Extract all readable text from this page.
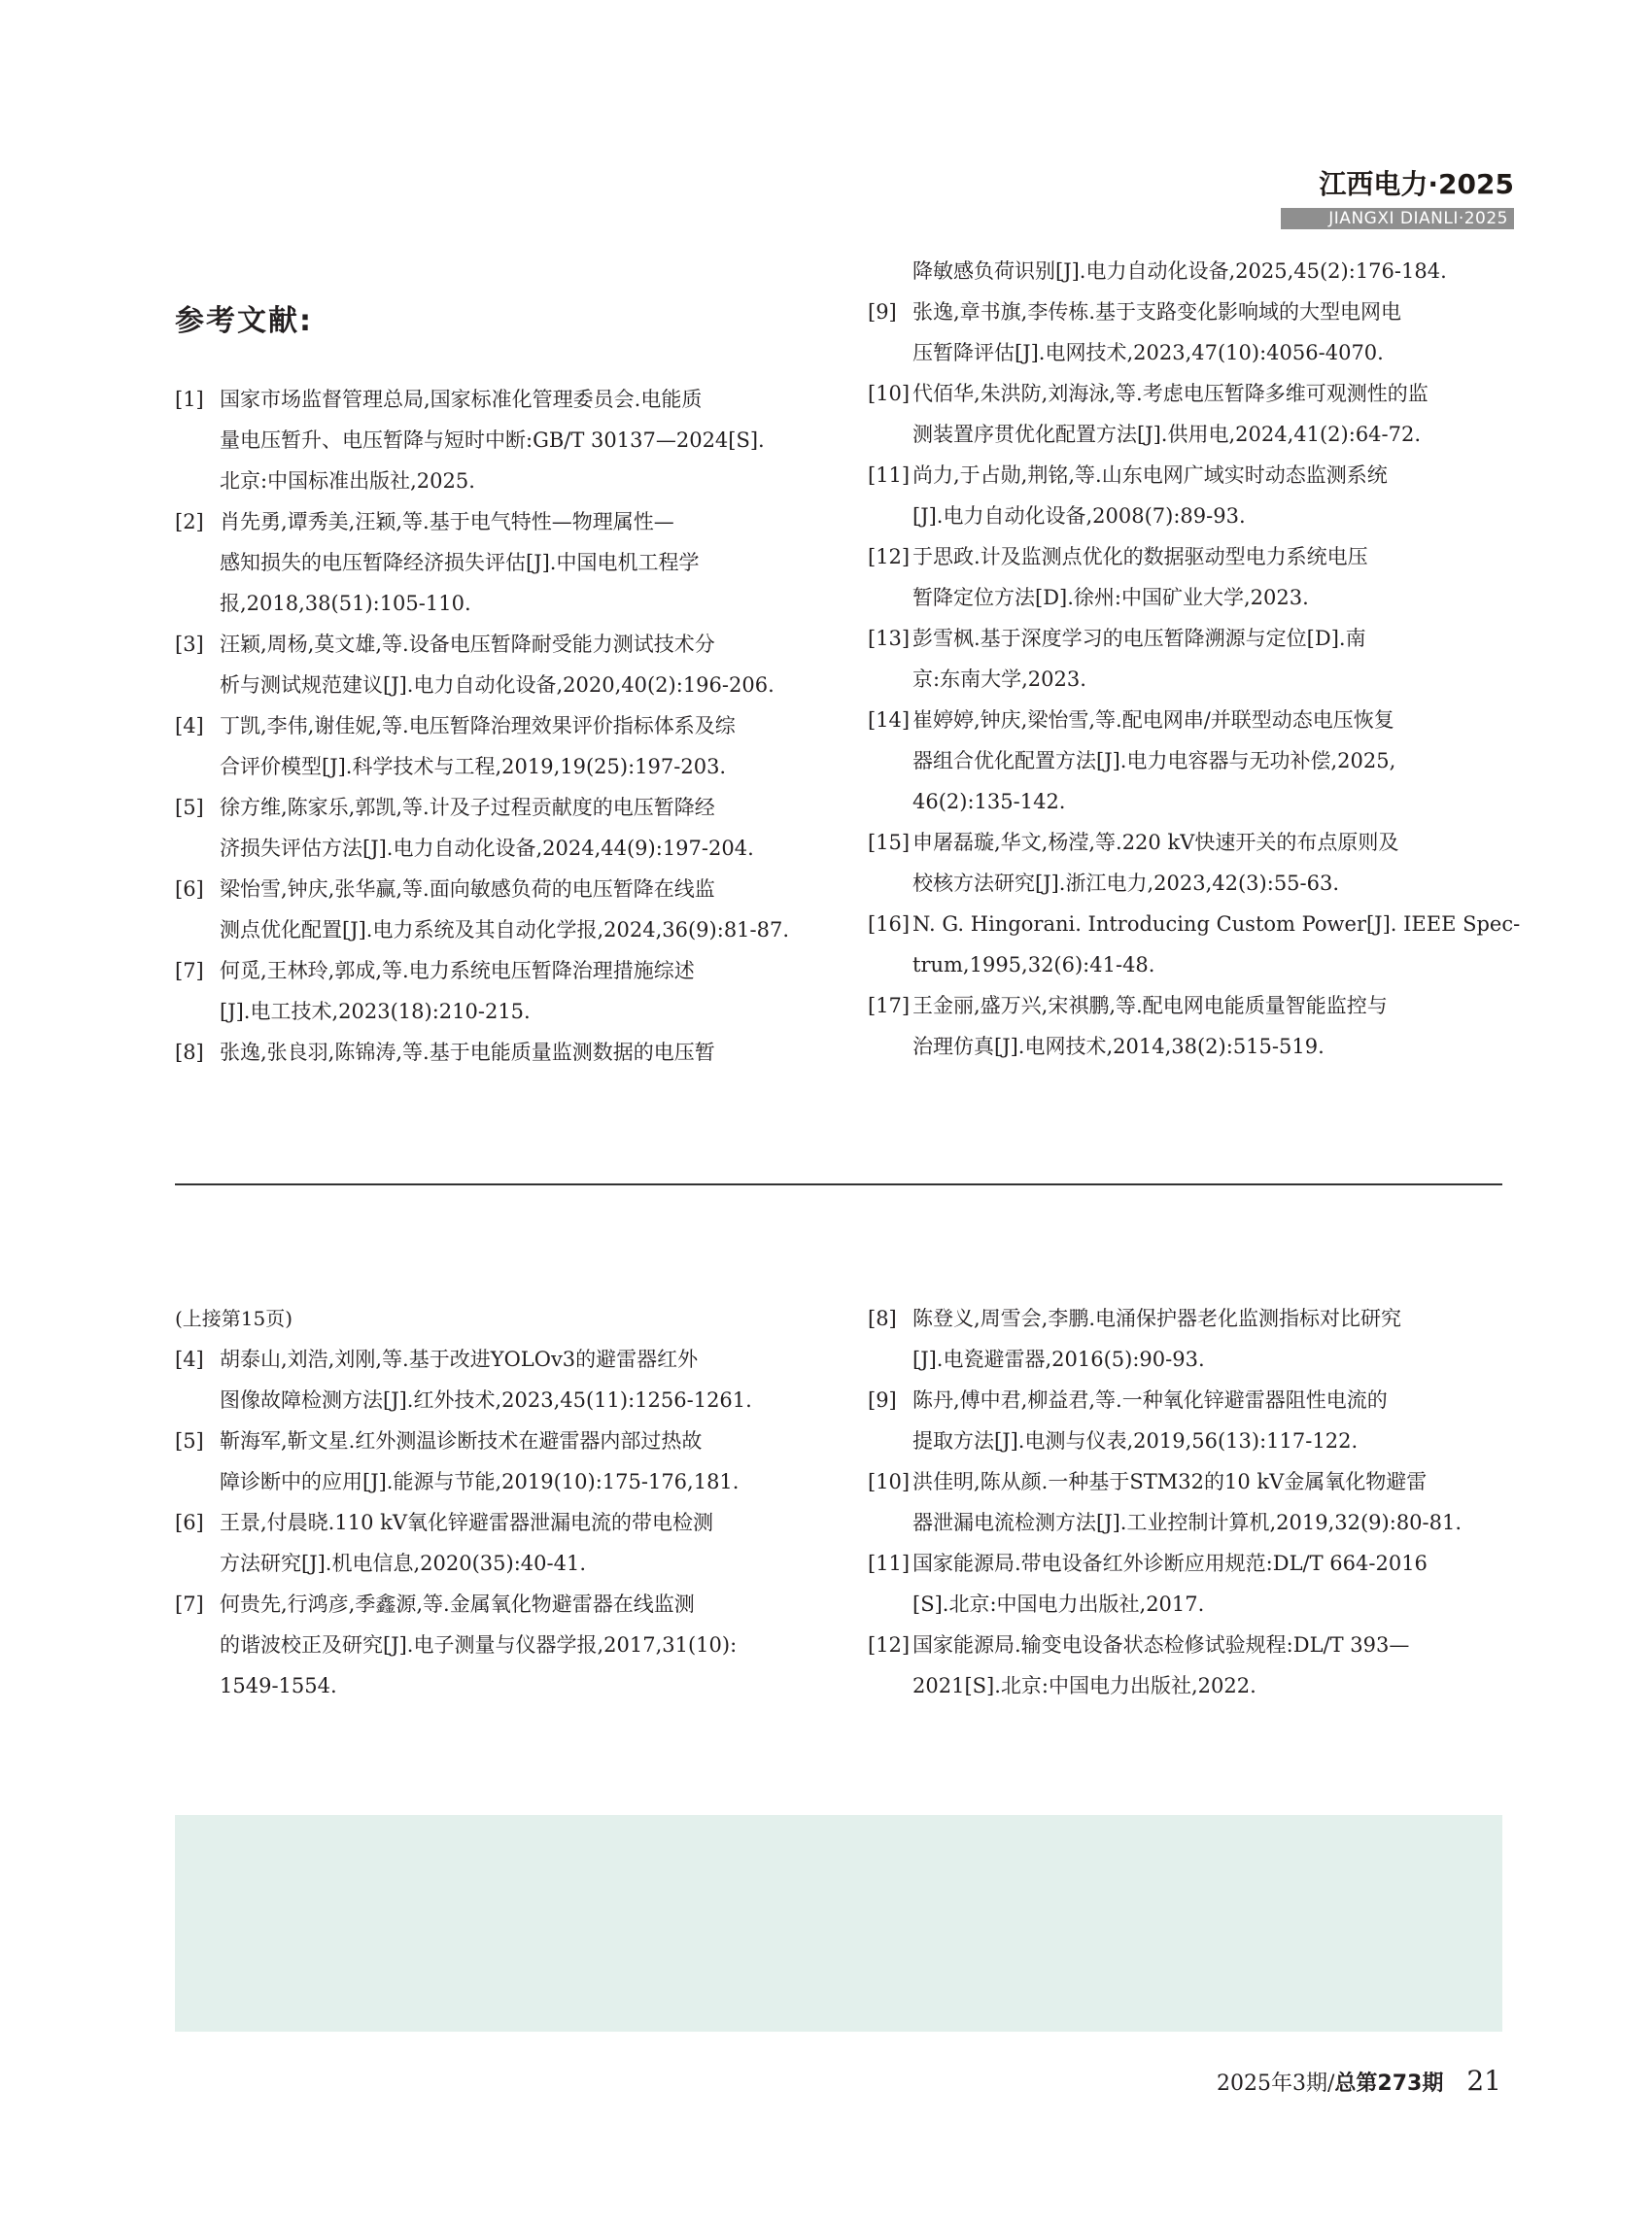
江西电力·2025
JIANGXI DIANLI·2025
参考文献:
[1] 国家市场监督管理总局,国家标准化管理委员会.电能质
量电压暂升、电压暂降与短时中断:GB/T 30137—2024[S].
北京:中国标准出版社,2025.
[2] 肖先勇,谭秀美,汪颖,等.基于电气特性—物理属性—
感知损失的电压暂降经济损失评估[J].中国电机工程学
报,2018,38(51):105-110.
[3] 汪颖,周杨,莫文雄,等.设备电压暂降耐受能力测试技术分
析与测试规范建议[J].电力自动化设备,2020,40(2):196-206.
[4] 丁凯,李伟,谢佳妮,等.电压暂降治理效果评价指标体系及综
合评价模型[J].科学技术与工程,2019,19(25):197-203.
[5] 徐方维,陈家乐,郭凯,等.计及子过程贡献度的电压暂降经
济损失评估方法[J].电力自动化设备,2024,44(9):197-204.
[6] 梁怡雪,钟庆,张华赢,等.面向敏感负荷的电压暂降在线监
测点优化配置[J].电力系统及其自动化学报,2024,36(9):81-87.
[7] 何觅,王林玲,郭成,等.电力系统电压暂降治理措施综述
[J].电工技术,2023(18):210-215.
[8] 张逸,张良羽,陈锦涛,等.基于电能质量监测数据的电压暂
降敏感负荷识别[J].电力自动化设备,2025,45(2):176-184.
[9] 张逸,章书旗,李传栋.基于支路变化影响域的大型电网电
压暂降评估[J].电网技术,2023,47(10):4056-4070.
[10] 代佰华,朱洪防,刘海泳,等.考虑电压暂降多维可观测性的监
测装置序贯优化配置方法[J].供用电,2024,41(2):64-72.
[11] 尚力,于占勋,荆铭,等.山东电网广域实时动态监测系统
[J].电力自动化设备,2008(7):89-93.
[12] 于思政.计及监测点优化的数据驱动型电力系统电压
暂降定位方法[D].徐州:中国矿业大学,2023.
[13] 彭雪枫.基于深度学习的电压暂降溯源与定位[D].南
京:东南大学,2023.
[14] 崔婷婷,钟庆,梁怡雪,等.配电网串/并联型动态电压恢复
器组合优化配置方法[J].电力电容器与无功补偿,2025,
46(2):135-142.
[15] 申屠磊璇,华文,杨滢,等.220 kV快速开关的布点原则及
校核方法研究[J].浙江电力,2023,42(3):55-63.
[16] N. G. Hingorani. Introducing Custom Power[J]. IEEE Spec-
trum,1995,32(6):41-48.
[17] 王金丽,盛万兴,宋祺鹏,等.配电网电能质量智能监控与
治理仿真[J].电网技术,2014,38(2):515-519.
(上接第15页)
[4] 胡泰山,刘浩,刘刚,等.基于改进YOLOv3的避雷器红外
图像故障检测方法[J].红外技术,2023,45(11):1256-1261.
[5] 靳海军,靳文星.红外测温诊断技术在避雷器内部过热故
障诊断中的应用[J].能源与节能,2019(10):175-176,181.
[6] 王景,付晨晓.110 kV氧化锌避雷器泄漏电流的带电检测
方法研究[J].机电信息,2020(35):40-41.
[7] 何贵先,行鸿彦,季鑫源,等.金属氧化物避雷器在线监测
的谐波校正及研究[J].电子测量与仪器学报,2017,31(10):
1549-1554.
[8] 陈登义,周雪会,李鹏.电涌保护器老化监测指标对比研究
[J].电瓷避雷器,2016(5):90-93.
[9] 陈丹,傅中君,柳益君,等.一种氧化锌避雷器阻性电流的
提取方法[J].电测与仪表,2019,56(13):117-122.
[10] 洪佳明,陈从颜.一种基于STM32的10 kV金属氧化物避雷
器泄漏电流检测方法[J].工业控制计算机,2019,32(9):80-81.
[11] 国家能源局.带电设备红外诊断应用规范:DL/T 664-2016
[S].北京:中国电力出版社,2017.
[12] 国家能源局.输变电设备状态检修试验规程:DL/T 393—
2021[S].北京:中国电力出版社,2022.
2025年3期/总第273期 21
